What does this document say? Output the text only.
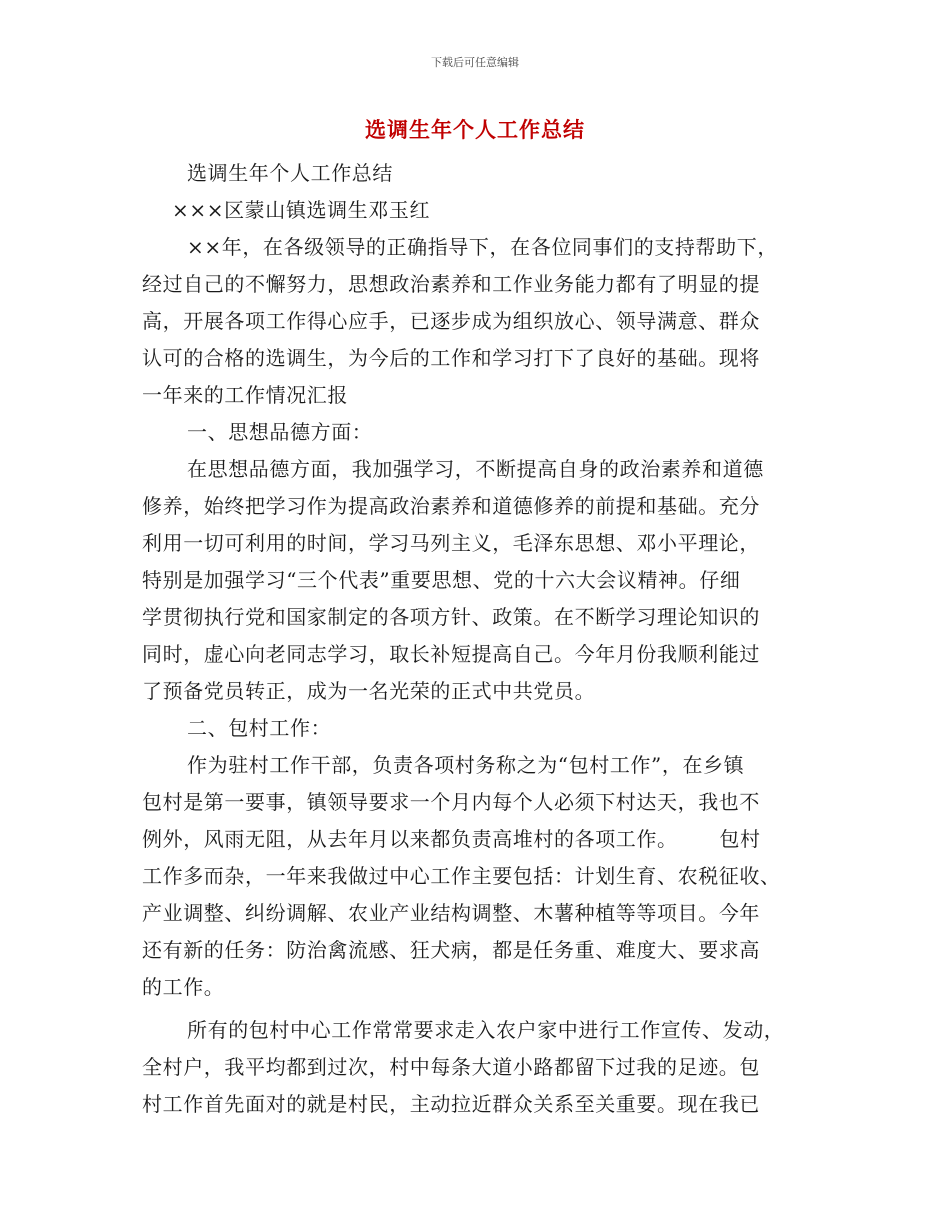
下载后可任意编辑
选调生年个人工作总结
选调生年个人工作总结
×××区蒙山镇选调生邓玉红
××年，在各级领导的正确指导下，在各位同事们的支持帮助下，
经过自己的不懈努力，思想政治素养和工作业务能力都有了明显的提
高，开展各项工作得心应手，已逐步成为组织放心、领导满意、群众
认可的合格的选调生，为今后的工作和学习打下了良好的基础。现将
一年来的工作情况汇报
一、思想品德方面：
在思想品德方面，我加强学习，不断提高自身的政治素养和道德
修养，始终把学习作为提高政治素养和道德修养的前提和基础。充分
利用一切可利用的时间，学习马列主义，毛泽东思想、邓小平理论，
特别是加强学习“三个代表”重要思想、党的十六大会议精神。仔细
学贯彻执行党和国家制定的各项方针、政策。在不断学习理论知识的
同时，虚心向老同志学习，取长补短提高自己。今年月份我顺利能过
了预备党员转正，成为一名光荣的正式中共党员。
二、包村工作：
作为驻村工作干部，负责各项村务称之为“包村工作”，在乡镇
包村是第一要事，镇领导要求一个月内每个人必须下村达天，我也不
例外，风雨无阻，从去年月以来都负责高堆村的各项工作。      包村
工作多而杂，一年来我做过中心工作主要包括：计划生育、农税征收、
产业调整、纠纷调解、农业产业结构调整、木薯种植等等项目。今年
还有新的任务：防治禽流感、狂犬病，都是任务重、难度大、要求高
的工作。
所有的包村中心工作常常要求走入农户家中进行工作宣传、发动，
全村户，我平均都到过次，村中每条大道小路都留下过我的足迹。包
村工作首先面对的就是村民，主动拉近群众关系至关重要。现在我已
